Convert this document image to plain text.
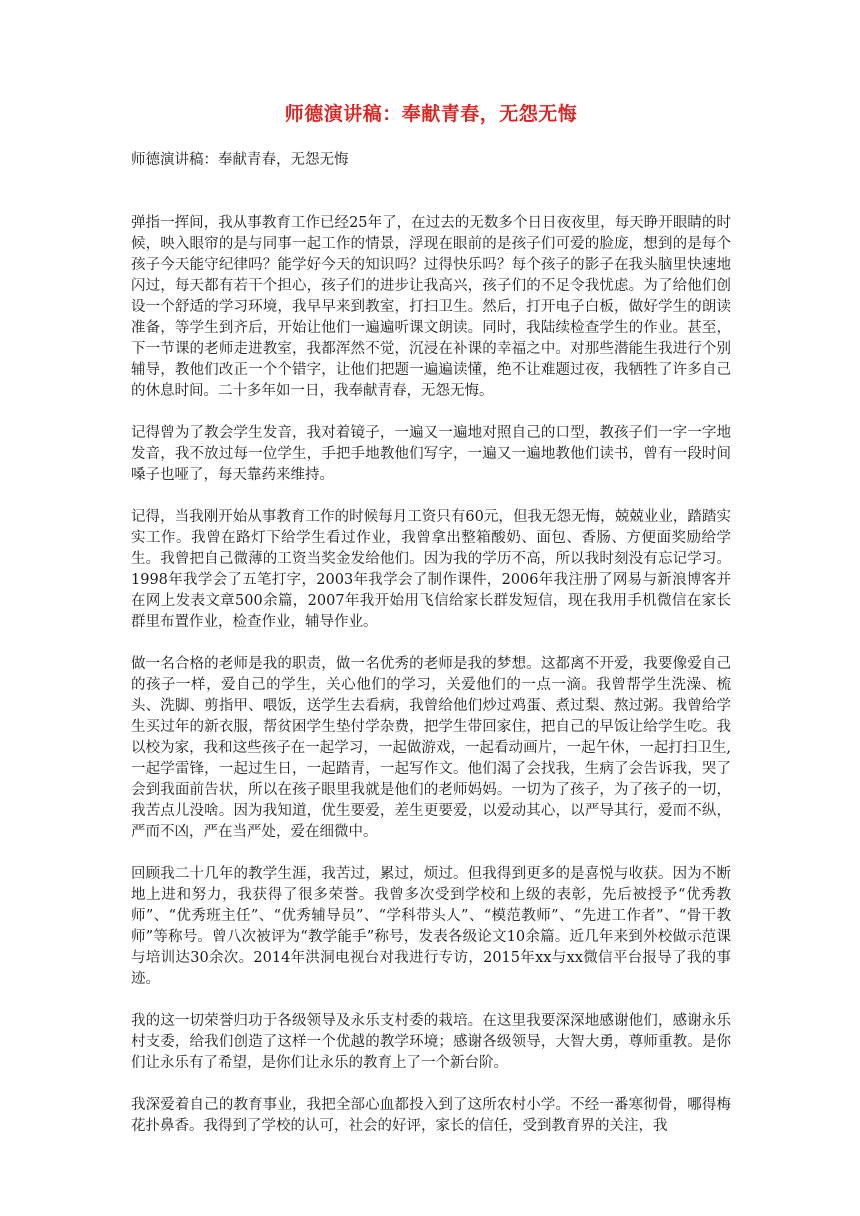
师德演讲稿：奉献青春，无怨无悔

师德演讲稿：奉献青春，无怨无悔

弹指一挥间，我从事教育工作已经25年了，在过去的无数多个日日夜夜里，每天睁开眼睛的时候，映入眼帘的是与同事一起工作的情景，浮现在眼前的是孩子们可爱的脸庞，想到的是每个孩子今天能守纪律吗？能学好今天的知识吗？过得快乐吗？每个孩子的影子在我头脑里快速地闪过，每天都有若干个担心，孩子们的进步让我高兴，孩子们的不足令我忧虑。为了给他们创设一个舒适的学习环境，我早早来到教室，打扫卫生。然后，打开电子白板，做好学生的朗读准备，等学生到齐后，开始让他们一遍遍听课文朗读。同时，我陆续检查学生的作业。甚至，下一节课的老师走进教室，我都浑然不觉，沉浸在补课的幸福之中。对那些潜能生我进行个别辅导，教他们改正一个个错字，让他们把题一遍遍读懂，绝不让难题过夜，我牺牲了许多自己的休息时间。二十多年如一日，我奉献青春，无怨无悔。

记得曾为了教会学生发音，我对着镜子，一遍又一遍地对照自己的口型，教孩子们一字一字地发音，我不放过每一位学生，手把手地教他们写字，一遍又一遍地教他们读书，曾有一段时间嗓子也哑了，每天靠药来维持。

记得，当我刚开始从事教育工作的时候每月工资只有60元，但我无怨无悔，兢兢业业，踏踏实实工作。我曾在路灯下给学生看过作业，我曾拿出整箱酸奶、面包、香肠、方便面奖励给学生。我曾把自己微薄的工资当奖金发给他们。因为我的学历不高，所以我时刻没有忘记学习。1998年我学会了五笔打字，2003年我学会了制作课件，2006年我注册了网易与新浪博客并在网上发表文章500余篇，2007年我开始用飞信给家长群发短信，现在我用手机微信在家长群里布置作业，检查作业，辅导作业。

做一名合格的老师是我的职责，做一名优秀的老师是我的梦想。这都离不开爱，我要像爱自己的孩子一样，爱自己的学生，关心他们的学习，关爱他们的一点一滴。我曾帮学生洗澡、梳头、洗脚、剪指甲、喂饭，送学生去看病，我曾给他们炒过鸡蛋、煮过梨、熬过粥。我曾给学生买过年的新衣服，帮贫困学生垫付学杂费，把学生带回家住，把自己的早饭让给学生吃。我以校为家，我和这些孩子在一起学习，一起做游戏，一起看动画片，一起午休，一起打扫卫生,一起学雷锋，一起过生日，一起踏青，一起写作文。他们渴了会找我，生病了会告诉我，哭了会到我面前告状，所以在孩子眼里我就是他们的老师妈妈。一切为了孩子，为了孩子的一切，我苦点儿没啥。因为我知道，优生要爱，差生更要爱，以爱动其心，以严导其行，爱而不纵，严而不凶，严在当严处，爱在细微中。

回顾我二十几年的教学生涯，我苦过，累过，烦过。但我得到更多的是喜悦与收获。因为不断地上进和努力，我获得了很多荣誉。我曾多次受到学校和上级的表彰，先后被授予“优秀教师”、“优秀班主任”、“优秀辅导员”、“学科带头人”、“模范教师”、“先进工作者”、“骨干教师”等称号。曾八次被评为“教学能手”称号，发表各级论文10余篇。近几年来到外校做示范课与培训达30余次。2014年洪洞电视台对我进行专访，2015年xx与xx微信平台报导了我的事迹。

我的这一切荣誉归功于各级领导及永乐支村委的栽培。在这里我要深深地感谢他们，感谢永乐村支委，给我们创造了这样一个优越的教学环境；感谢各级领导，大智大勇，尊师重教。是你们让永乐有了希望，是你们让永乐的教育上了一个新台阶。

我深爱着自己的教育事业，我把全部心血都投入到了这所农村小学。不经一番寒彻骨，哪得梅花扑鼻香。我得到了学校的认可，社会的好评，家长的信任，受到教育界的关注，我
